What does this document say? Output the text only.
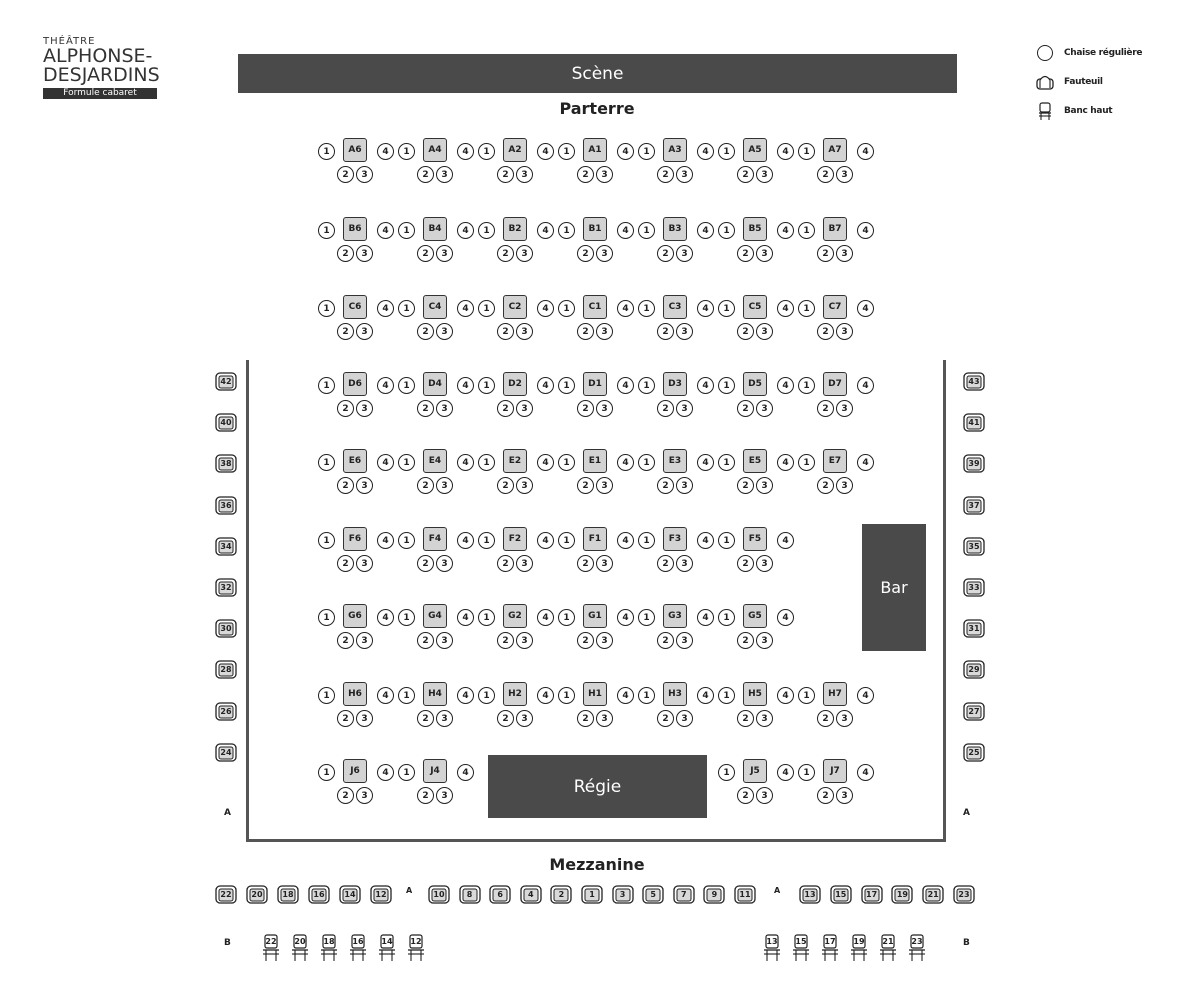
THÉÂTRE
ALPHONSE-
DESJARDINS
Formule cabaret
Scène
Parterre
Chaise régulière
Fauteuil
Banc haut
Bar
Régie
A6
1	4
2	3
A4
1	4
2	3
A2
1	4
2	3
A1
1	4
2	3
A3
1	4
2	3
A5
1	4
2	3
A7
1	4
2	3
B6
1	4
2	3
B4
1	4
2	3
B2
1	4
2	3
B1
1	4
2	3
B3
1	4
2	3
B5
1	4
2	3
B7
1	4
2	3
C6
1	4
2	3
C4
1	4
2	3
C2
1	4
2	3
C1
1	4
2	3
C3
1	4
2	3
C5
1	4
2	3
C7
1	4
2	3
D6
1	4
2	3
D4
1	4
2	3
D2
1	4
2	3
D1
1	4
2	3
D3
1	4
2	3
D5
1	4
2	3
D7
1	4
2	3
E6
1	4
2	3
E4
1	4
2	3
E2
1	4
2	3
E1
1	4
2	3
E3
1	4
2	3
E5
1	4
2	3
E7
1	4
2	3
F6
1	4
2	3
F4
1	4
2	3
F2
1	4
2	3
F1
1	4
2	3
F3
1	4
2	3
F5
1	4
2	3
G6
1	4
2	3
G4
1	4
2	3
G2
1	4
2	3
G1
1	4
2	3
G3
1	4
2	3
G5
1	4
2	3
H6
1	4
2	3
H4
1	4
2	3
H2
1	4
2	3
H1
1	4
2	3
H3
1	4
2	3
H5
1	4
2	3
H7
1	4
2	3
J6
1	4
2	3
J4
1	4
2	3
J5
1	4
2	3
J7
1	4
2	3
42
40
38
36
34
32
30
28
26
24
43
41
39
37
35
33
31
29
27
25
A	A
Mezzanine
22 20 18 16 14 12	10	8	6	4	2	1	3	5	7	9	11	13 15 17 19 21 23
22 20 18 16 14 12	13 15 17 19 21 23
A	A
B	B
